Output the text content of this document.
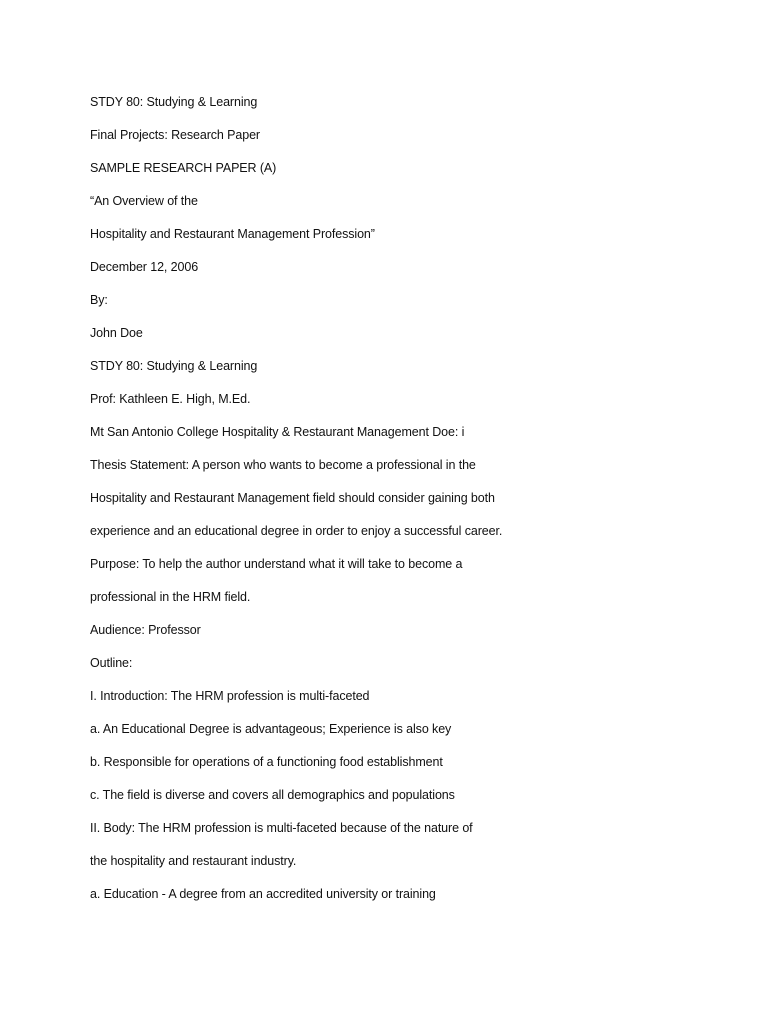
STDY 80: Studying & Learning

Final Projects: Research Paper

SAMPLE RESEARCH PAPER (A)

“An Overview of the

Hospitality and Restaurant Management Profession”

December 12, 2006

By:

John Doe

STDY 80: Studying & Learning

Prof: Kathleen E. High, M.Ed.

Mt San Antonio College Hospitality & Restaurant Management Doe: i

Thesis Statement: A person who wants to become a professional in the

Hospitality and Restaurant Management field should consider gaining both

experience and an educational degree in order to enjoy a successful career.

Purpose: To help the author understand what it will take to become a

professional in the HRM field.

Audience: Professor

Outline:

I. Introduction: The HRM profession is multi-faceted

a. An Educational Degree is advantageous; Experience is also key

b. Responsible for operations of a functioning food establishment

c. The field is diverse and covers all demographics and populations

II. Body: The HRM profession is multi-faceted because of the nature of

the hospitality and restaurant industry.

a. Education - A degree from an accredited university or training
